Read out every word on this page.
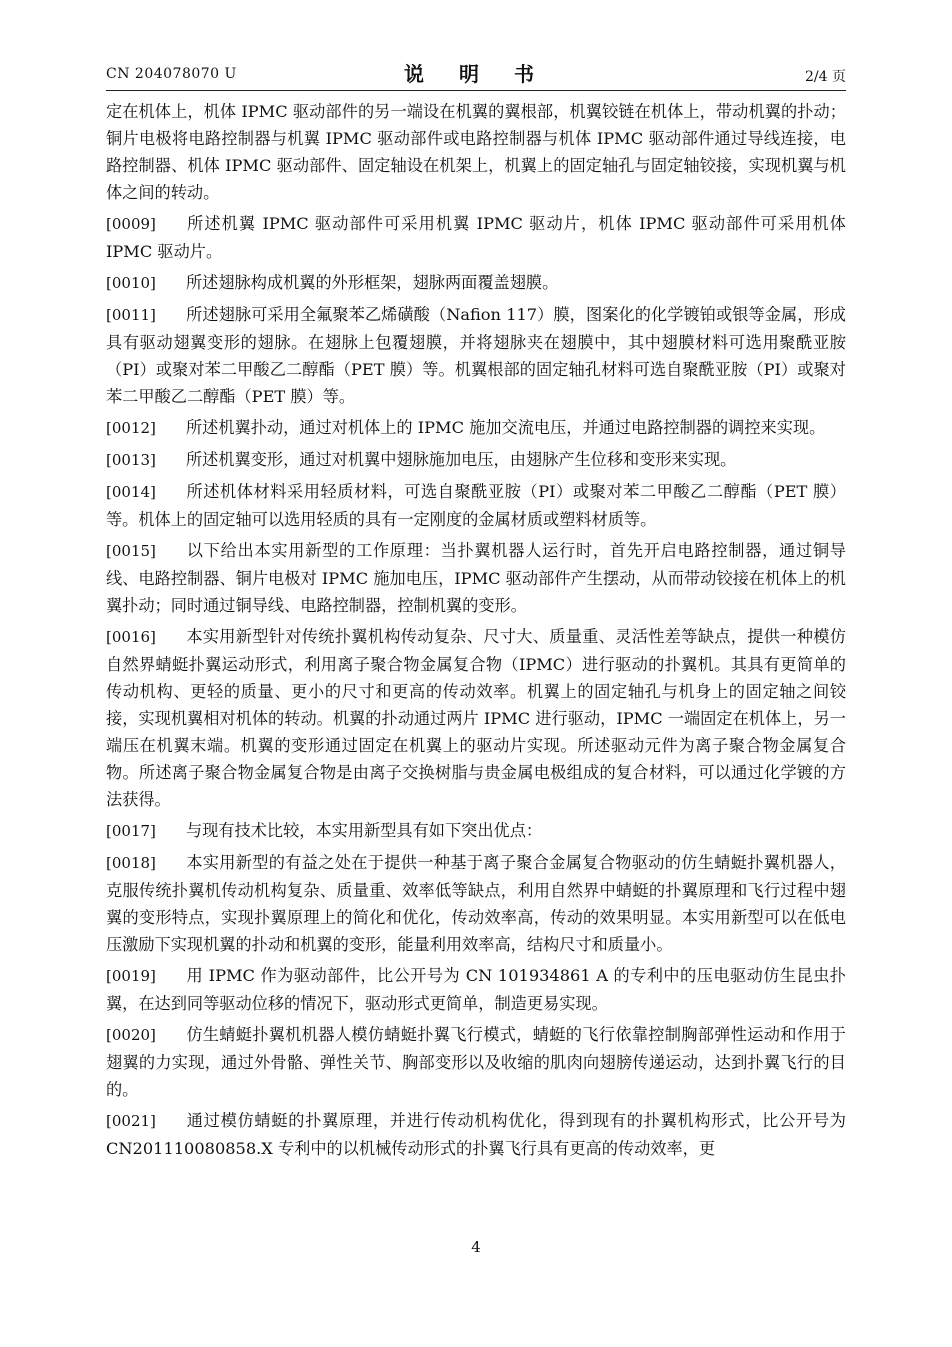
CN 204078070 U	说 明 书	2/4 页

定在机体上，机体 IPMC 驱动部件的另一端设在机翼的翼根部，机翼铰链在机体上，带动机翼的扑动；铜片电极将电路控制器与机翼 IPMC 驱动部件或电路控制器与机体 IPMC 驱动部件通过导线连接，电路控制器、机体 IPMC 驱动部件、固定轴设在机架上，机翼上的固定轴孔与固定轴铰接，实现机翼与机体之间的转动。

[0009] 所述机翼 IPMC 驱动部件可采用机翼 IPMC 驱动片，机体 IPMC 驱动部件可采用机体 IPMC 驱动片。

[0010] 所述翅脉构成机翼的外形框架，翅脉两面覆盖翅膜。

[0011] 所述翅脉可采用全氟聚苯乙烯磺酸（Nafion 117）膜，图案化的化学镀铂或银等金属，形成具有驱动翅翼变形的翅脉。在翅脉上包覆翅膜，并将翅脉夹在翅膜中，其中翅膜材料可选用聚酰亚胺（PI）或聚对苯二甲酸乙二醇酯（PET 膜）等。机翼根部的固定轴孔材料可选自聚酰亚胺（PI）或聚对苯二甲酸乙二醇酯（PET 膜）等。

[0012] 所述机翼扑动，通过对机体上的 IPMC 施加交流电压，并通过电路控制器的调控来实现。

[0013] 所述机翼变形，通过对机翼中翅脉施加电压，由翅脉产生位移和变形来实现。

[0014] 所述机体材料采用轻质材料，可选自聚酰亚胺（PI）或聚对苯二甲酸乙二醇酯（PET 膜）等。机体上的固定轴可以选用轻质的具有一定刚度的金属材质或塑料材质等。

[0015] 以下给出本实用新型的工作原理：当扑翼机器人运行时，首先开启电路控制器，通过铜导线、电路控制器、铜片电极对 IPMC 施加电压，IPMC 驱动部件产生摆动，从而带动铰接在机体上的机翼扑动；同时通过铜导线、电路控制器，控制机翼的变形。

[0016] 本实用新型针对传统扑翼机构传动复杂、尺寸大、质量重、灵活性差等缺点，提供一种模仿自然界蜻蜓扑翼运动形式，利用离子聚合物金属复合物（IPMC）进行驱动的扑翼机。其具有更简单的传动机构、更轻的质量、更小的尺寸和更高的传动效率。机翼上的固定轴孔与机身上的固定轴之间铰接，实现机翼相对机体的转动。机翼的扑动通过两片 IPMC 进行驱动，IPMC 一端固定在机体上，另一端压在机翼末端。机翼的变形通过固定在机翼上的驱动片实现。所述驱动元件为离子聚合物金属复合物。所述离子聚合物金属复合物是由离子交换树脂与贵金属电极组成的复合材料，可以通过化学镀的方法获得。

[0017] 与现有技术比较，本实用新型具有如下突出优点：

[0018] 本实用新型的有益之处在于提供一种基于离子聚合金属复合物驱动的仿生蜻蜓扑翼机器人，克服传统扑翼机传动机构复杂、质量重、效率低等缺点，利用自然界中蜻蜓的扑翼原理和飞行过程中翅翼的变形特点，实现扑翼原理上的简化和优化，传动效率高，传动的效果明显。本实用新型可以在低电压激励下实现机翼的扑动和机翼的变形，能量利用效率高，结构尺寸和质量小。

[0019] 用 IPMC 作为驱动部件，比公开号为 CN 101934861 A 的专利中的压电驱动仿生昆虫扑翼，在达到同等驱动位移的情况下，驱动形式更简单，制造更易实现。

[0020] 仿生蜻蜓扑翼机机器人模仿蜻蜓扑翼飞行模式，蜻蜓的飞行依靠控制胸部弹性运动和作用于翅翼的力实现，通过外骨骼、弹性关节、胸部变形以及收缩的肌肉向翅膀传递运动，达到扑翼飞行的目的。

[0021] 通过模仿蜻蜓的扑翼原理，并进行传动机构优化，得到现有的扑翼机构形式，比公开号为 CN201110080858.X 专利中的以机械传动形式的扑翼飞行具有更高的传动效率，更

4
